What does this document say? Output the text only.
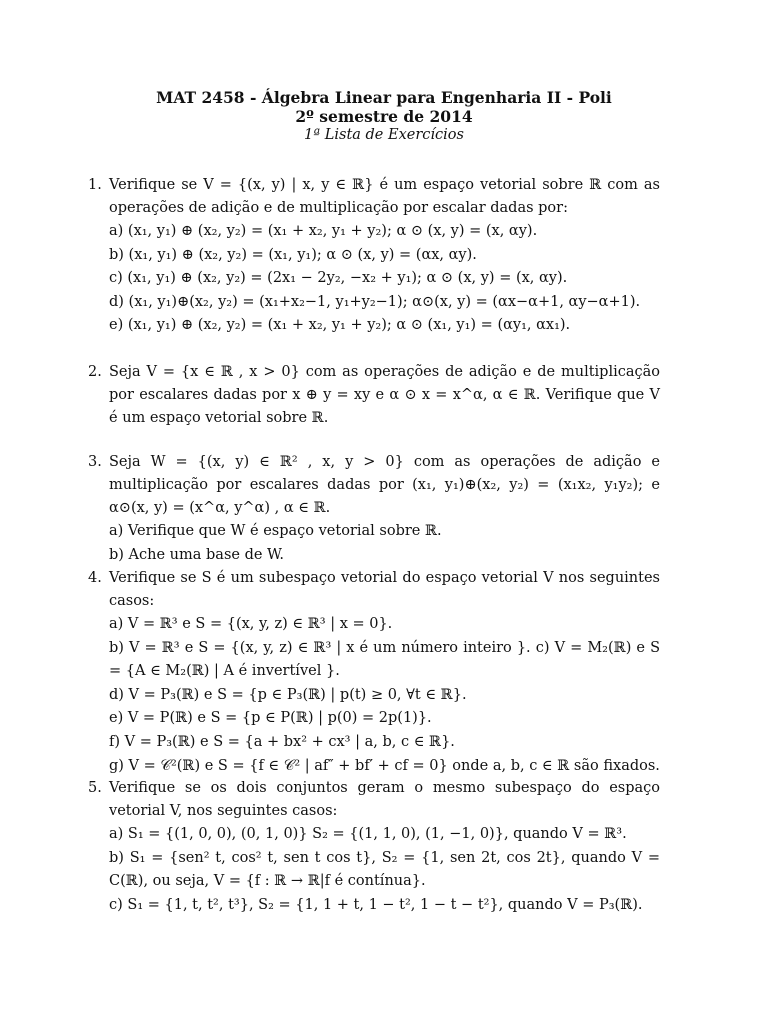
MAT 2458 - Álgebra Linear para Engenharia II - Poli
2º semestre de 2014
1ª Lista de Exercícios
1. Verifique se V = {(x, y) | x, y ∈ ℝ} é um espaço vetorial sobre ℝ com as operações de adição e de multiplicação por escalar dadas por:
a) (x₁, y₁) ⊕ (x₂, y₂) = (x₁ + x₂, y₁ + y₂); α ⊙ (x, y) = (x, αy).
b) (x₁, y₁) ⊕ (x₂, y₂) = (x₁, y₁); α ⊙ (x, y) = (αx, αy).
c) (x₁, y₁) ⊕ (x₂, y₂) = (2x₁ − 2y₂, −x₂ + y₁); α ⊙ (x, y) = (x, αy).
d) (x₁, y₁)⊕(x₂, y₂) = (x₁+x₂−1, y₁+y₂−1); α⊙(x, y) = (αx−α+1, αy−α+1).
e) (x₁, y₁) ⊕ (x₂, y₂) = (x₁ + x₂, y₁ + y₂); α ⊙ (x₁, y₁) = (αy₁, αx₁).
2. Seja V = {x ∈ ℝ , x > 0} com as operações de adição e de multiplicação por escalares dadas por x ⊕ y = xy e α ⊙ x = x^α, α ∈ ℝ. Verifique que V é um espaço vetorial sobre ℝ.
3. Seja W = {(x, y) ∈ ℝ² , x, y > 0} com as operações de adição e multiplicação por escalares dadas por (x₁, y₁)⊕(x₂, y₂) = (x₁x₂, y₁y₂); e α⊙(x, y) = (x^α, y^α) , α ∈ ℝ.
a) Verifique que W é espaço vetorial sobre ℝ.
b) Ache uma base de W.
4. Verifique se S é um subespaço vetorial do espaço vetorial V nos seguintes casos:
a) V = ℝ³ e S = {(x, y, z) ∈ ℝ³ | x = 0}.
b) V = ℝ³ e S = {(x, y, z) ∈ ℝ³ | x é um número inteiro }. c) V = M₂(ℝ) e S = {A ∈ M₂(ℝ) | A é invertível }.
d) V = P₃(ℝ) e S = {p ∈ P₃(ℝ) | p(t) ≥ 0, ∀t ∈ ℝ}.
e) V = P(ℝ) e S = {p ∈ P(ℝ) | p(0) = 2p(1)}.
f) V = P₃(ℝ) e S = {a + bx² + cx³ | a, b, c ∈ ℝ}.
g) V = 𝒞²(ℝ) e S = {f ∈ 𝒞² | af″ + bf′ + cf = 0} onde a, b, c ∈ ℝ são fixados.
5. Verifique se os dois conjuntos geram o mesmo subespaço do espaço vetorial V, nos seguintes casos:
a) S₁ = {(1, 0, 0), (0, 1, 0)} S₂ = {(1, 1, 0), (1, −1, 0)}, quando V = ℝ³.
b) S₁ = {sen² t, cos² t, sen t cos t}, S₂ = {1, sen 2t, cos 2t}, quando V = C(ℝ), ou seja, V = {f : ℝ → ℝ|f é contínua}.
c) S₁ = {1, t, t², t³}, S₂ = {1, 1 + t, 1 − t², 1 − t − t²}, quando V = P₃(ℝ).
